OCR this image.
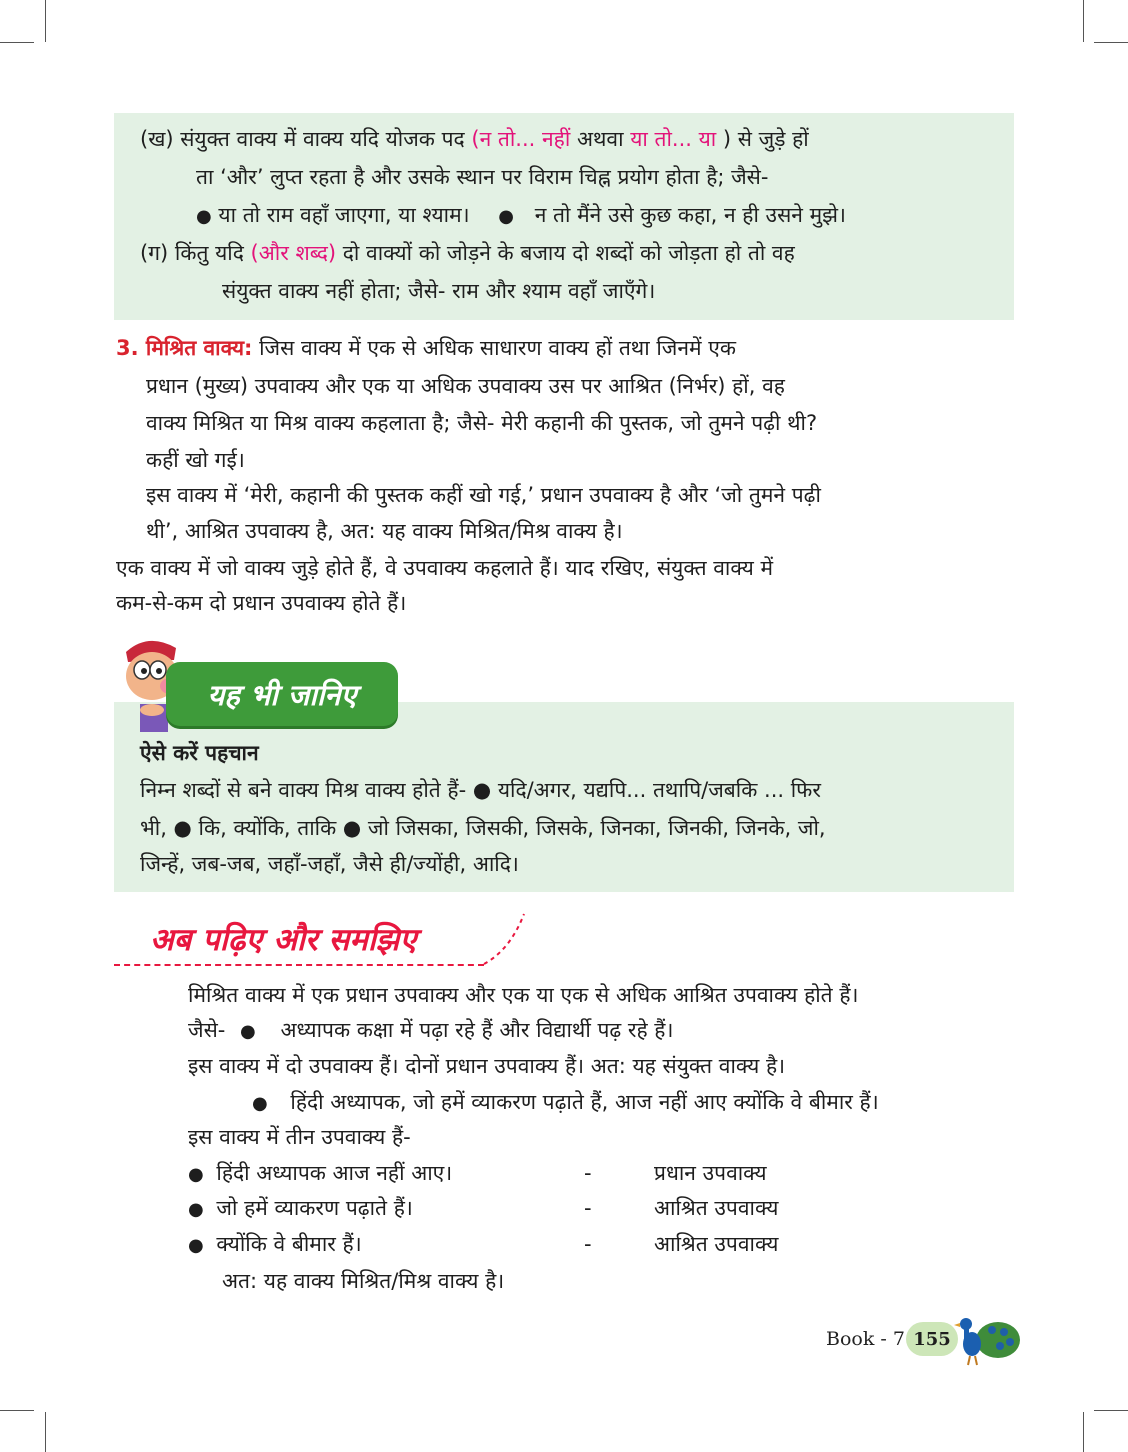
(ख) संयुक्त वाक्य में वाक्य यदि योजक पद (न तो... नहीं अथवा या तो... या ) से जुड़े हों
ता ‘और’ लुप्त रहता है और उसके स्थान पर विराम चिह्न प्रयोग होता है; जैसे-
● या तो राम वहाँ जाएगा, या श्याम। ● न तो मैंने उसे कुछ कहा, न ही उसने मुझे।
(ग) किंतु यदि (और शब्द) दो वाक्यों को जोड़ने के बजाय दो शब्दों को जोड़ता हो तो वह
संयुक्त वाक्य नहीं होता; जैसे- राम और श्याम वहाँ जाएँगे।
3. मिश्रित वाक्य: जिस वाक्य में एक से अधिक साधारण वाक्य हों तथा जिनमें एक
प्रधान (मुख्य) उपवाक्य और एक या अधिक उपवाक्य उस पर आश्रित (निर्भर) हों, वह
वाक्य मिश्रित या मिश्र वाक्य कहलाता है; जैसे- मेरी कहानी की पुस्तक, जो तुमने पढ़ी थी?
कहीं खो गई।
इस वाक्य में ‘मेरी, कहानी की पुस्तक कहीं खो गई,’ प्रधान उपवाक्य है और ‘जो तुमने पढ़ी
थी’, आश्रित उपवाक्य है, अत: यह वाक्य मिश्रित/मिश्र वाक्य है।
एक वाक्य में जो वाक्य जुड़े होते हैं, वे उपवाक्य कहलाते हैं। याद रखिए, संयुक्त वाक्य में
कम-से-कम दो प्रधान उपवाक्य होते हैं।
यह भी जानिए
ऐसे करें पहचान
निम्न शब्दों से बने वाक्य मिश्र वाक्य होते हैं- ● यदि/अगर, यद्यपि... तथापि/जबकि ... फिर
भी, ● कि, क्योंकि, ताकि ● जो जिसका, जिसकी, जिसके, जिनका, जिनकी, जिनके, जो,
जिन्हें, जब-जब, जहाँ-जहाँ, जैसे ही/ज्योंही, आदि।
अब पढ़िए और समझिए
मिश्रित वाक्य में एक प्रधान उपवाक्य और एक या एक से अधिक आश्रित उपवाक्य होते हैं।
जैसे- ● अध्यापक कक्षा में पढ़ा रहे हैं और विद्यार्थी पढ़ रहे हैं।
इस वाक्य में दो उपवाक्य हैं। दोनों प्रधान उपवाक्य हैं। अत: यह संयुक्त वाक्य है।
● हिंदी अध्यापक, जो हमें व्याकरण पढ़ाते हैं, आज नहीं आए क्योंकि वे बीमार हैं।
इस वाक्य में तीन उपवाक्य हैं-
● हिंदी अध्यापक आज नहीं आए।	-	प्रधान उपवाक्य
● जो हमें व्याकरण पढ़ाते हैं।	-	आश्रित उपवाक्य
● क्योंकि वे बीमार हैं।	-	आश्रित उपवाक्य
अत: यह वाक्य मिश्रित/मिश्र वाक्य है।
Book - 7 155
